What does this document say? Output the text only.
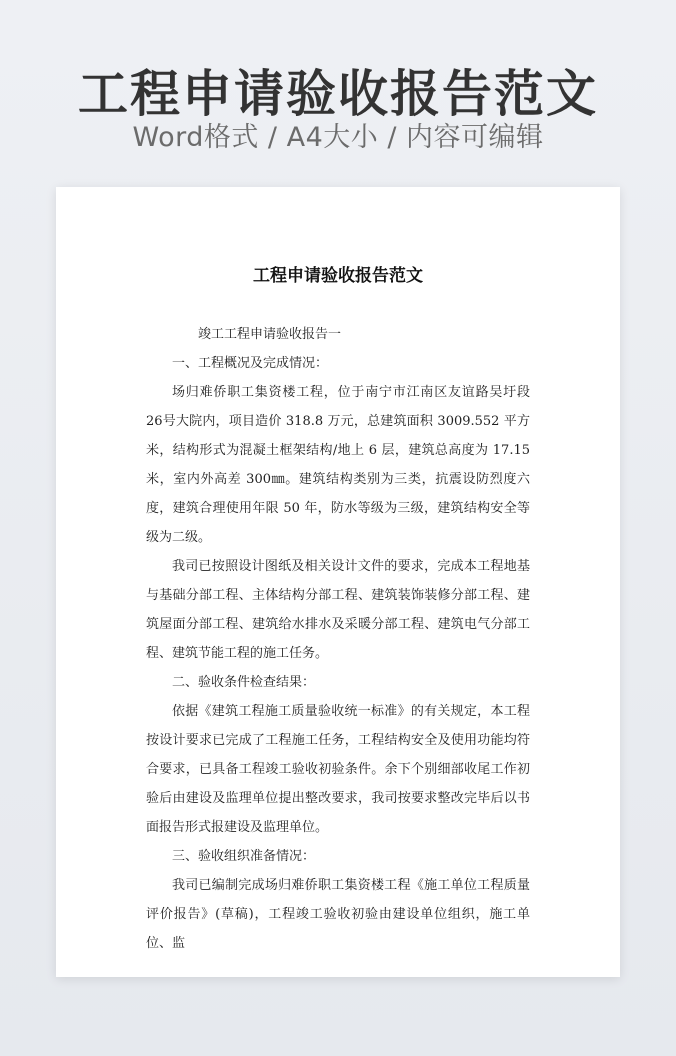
工程申请验收报告范文
Word格式 / A4大小 / 内容可编辑
工程申请验收报告范文

竣工工程申请验收报告一

一、工程概况及完成情况：

场归难侨职工集资楼工程，位于南宁市江南区友谊路吴圩段 26号大院内，项目造价 318.8 万元，总建筑面积 3009.552 平方米，结构形式为混凝土框架结构/地上 6 层，建筑总高度为 17.15 米，室内外高差 300㎜。建筑结构类别为三类，抗震设防烈度六度，建筑合理使用年限 50 年，防水等级为三级，建筑结构安全等级为二级。

我司已按照设计图纸及相关设计文件的要求，完成本工程地基与基础分部工程、主体结构分部工程、建筑装饰装修分部工程、建筑屋面分部工程、建筑给水排水及采暖分部工程、建筑电气分部工程、建筑节能工程的施工任务。

二、验收条件检查结果：

依据《建筑工程施工质量验收统一标准》的有关规定，本工程按设计要求已完成了工程施工任务，工程结构安全及使用功能均符合要求，已具备工程竣工验收初验条件。余下个别细部收尾工作初验后由建设及监理单位提出整改要求，我司按要求整改完毕后以书面报告形式报建设及监理单位。

三、验收组织准备情况：

我司已编制完成场归难侨职工集资楼工程《施工单位工程质量评价报告》(草稿)，工程竣工验收初验由建设单位组织，施工单位、监
